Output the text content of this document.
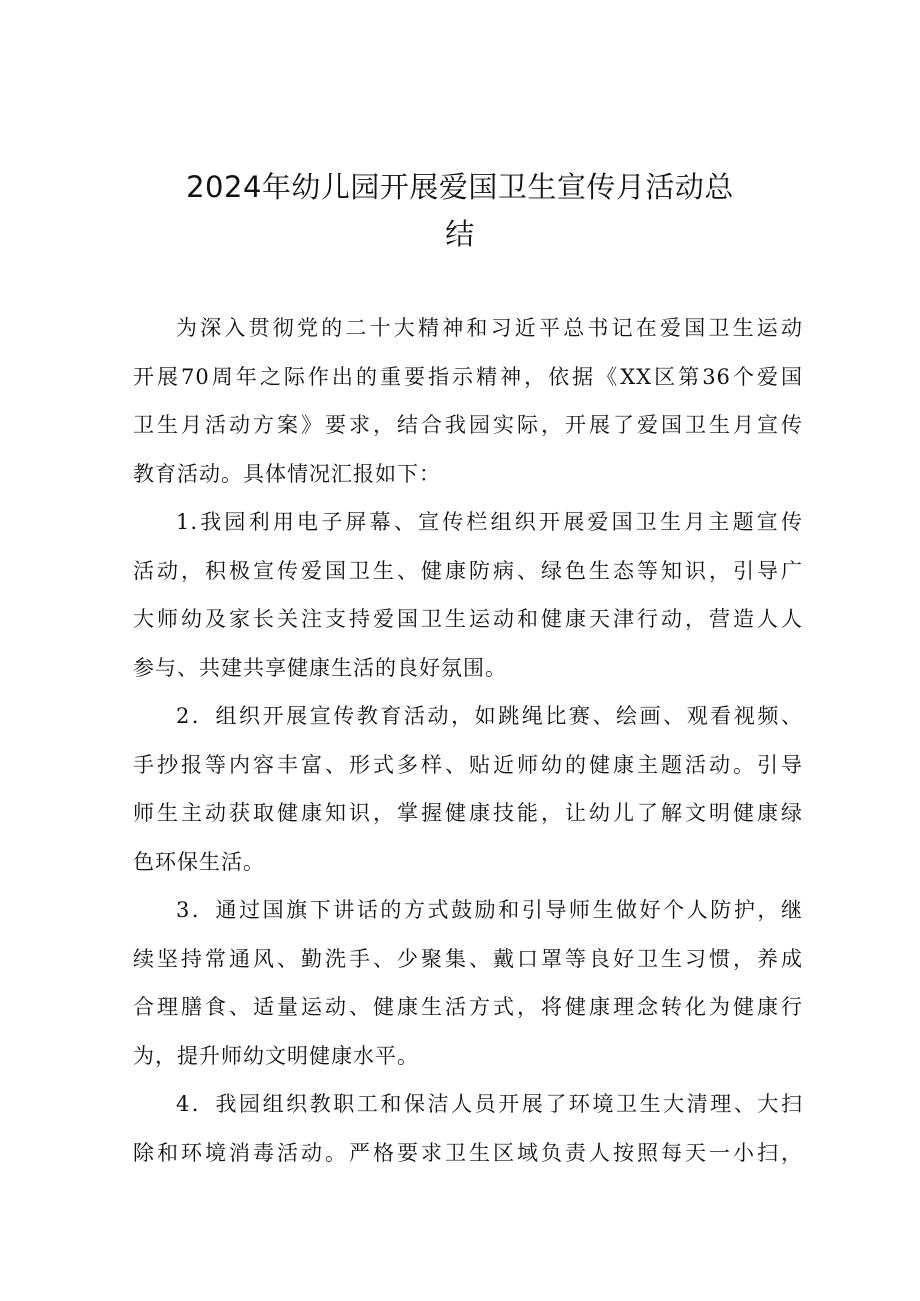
2024年幼儿园开展爱国卫生宣传月活动总
结
为深入贯彻党的二十大精神和习近平总书记在爱国卫生运动
开展70周年之际作出的重要指示精神，依据《XX区第36个爱国
卫生月活动方案》要求，结合我园实际，开展了爱国卫生月宣传
教育活动。具体情况汇报如下：
1.我园利用电子屏幕、宣传栏组织开展爱国卫生月主题宣传
活动，积极宣传爱国卫生、健康防病、绿色生态等知识，引导广
大师幼及家长关注支持爱国卫生运动和健康天津行动，营造人人
参与、共建共享健康生活的良好氛围。
2．组织开展宣传教育活动，如跳绳比赛、绘画、观看视频、
手抄报等内容丰富、形式多样、贴近师幼的健康主题活动。引导
师生主动获取健康知识，掌握健康技能，让幼儿了解文明健康绿
色环保生活。
3．通过国旗下讲话的方式鼓励和引导师生做好个人防护，继
续坚持常通风、勤洗手、少聚集、戴口罩等良好卫生习惯，养成
合理膳食、适量运动、健康生活方式，将健康理念转化为健康行
为，提升师幼文明健康水平。
4．我园组织教职工和保洁人员开展了环境卫生大清理、大扫
除和环境消毒活动。严格要求卫生区域负责人按照每天一小扫，
